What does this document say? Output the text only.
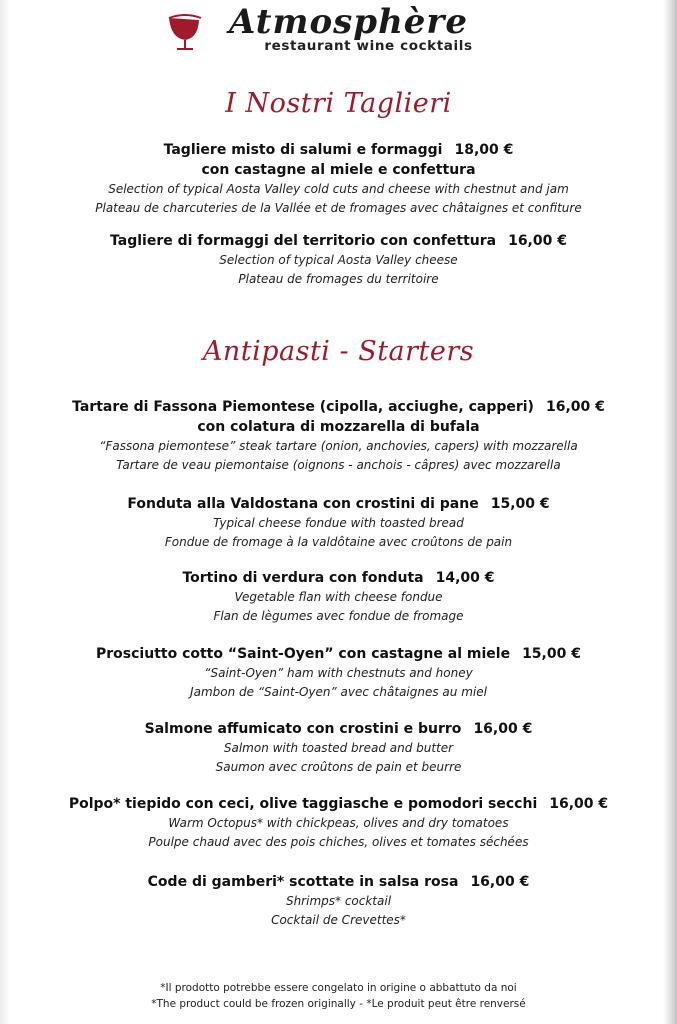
Atmosphère
restaurant wine cocktails
I Nostri Taglieri
Tagliere misto di salumi e formaggi 18,00 €
con castagne al miele e confettura
Selection of typical Aosta Valley cold cuts and cheese with chestnut and jam
Plateau de charcuteries de la Vallée et de fromages avec châtaignes et confiture
Tagliere di formaggi del territorio con confettura 16,00 €
Selection of typical Aosta Valley cheese
Plateau de fromages du territoire
Antipasti - Starters
Tartare di Fassona Piemontese (cipolla, acciughe, capperi) 16,00 €
con colatura di mozzarella di bufala
“Fassona piemontese” steak tartare (onion, anchovies, capers) with mozzarella
Tartare de veau piemontaise (oignons - anchois - câpres) avec mozzarella
Fonduta alla Valdostana con crostini di pane 15,00 €
Typical cheese fondue with toasted bread
Fondue de fromage à la valdôtaine avec croûtons de pain
Tortino di verdura con fonduta 14,00 €
Vegetable flan with cheese fondue
Flan de lègumes avec fondue de fromage
Prosciutto cotto “Saint-Oyen” con castagne al miele 15,00 €
“Saint-Oyen” ham with chestnuts and honey
Jambon de “Saint-Oyen” avec châtaignes au miel
Salmone affumicato con crostini e burro 16,00 €
Salmon with toasted bread and butter
Saumon avec croûtons de pain et beurre
Polpo* tiepido con ceci, olive taggiasche e pomodori secchi 16,00 €
Warm Octopus* with chickpeas, olives and dry tomatoes
Poulpe chaud avec des pois chiches, olives et tomates séchées
Code di gamberi* scottate in salsa rosa 16,00 €
Shrimps* cocktail
Cocktail de Crevettes*
*Il prodotto potrebbe essere congelato in origine o abbattuto da noi
*The product could be frozen originally - *Le produit peut être renversé
